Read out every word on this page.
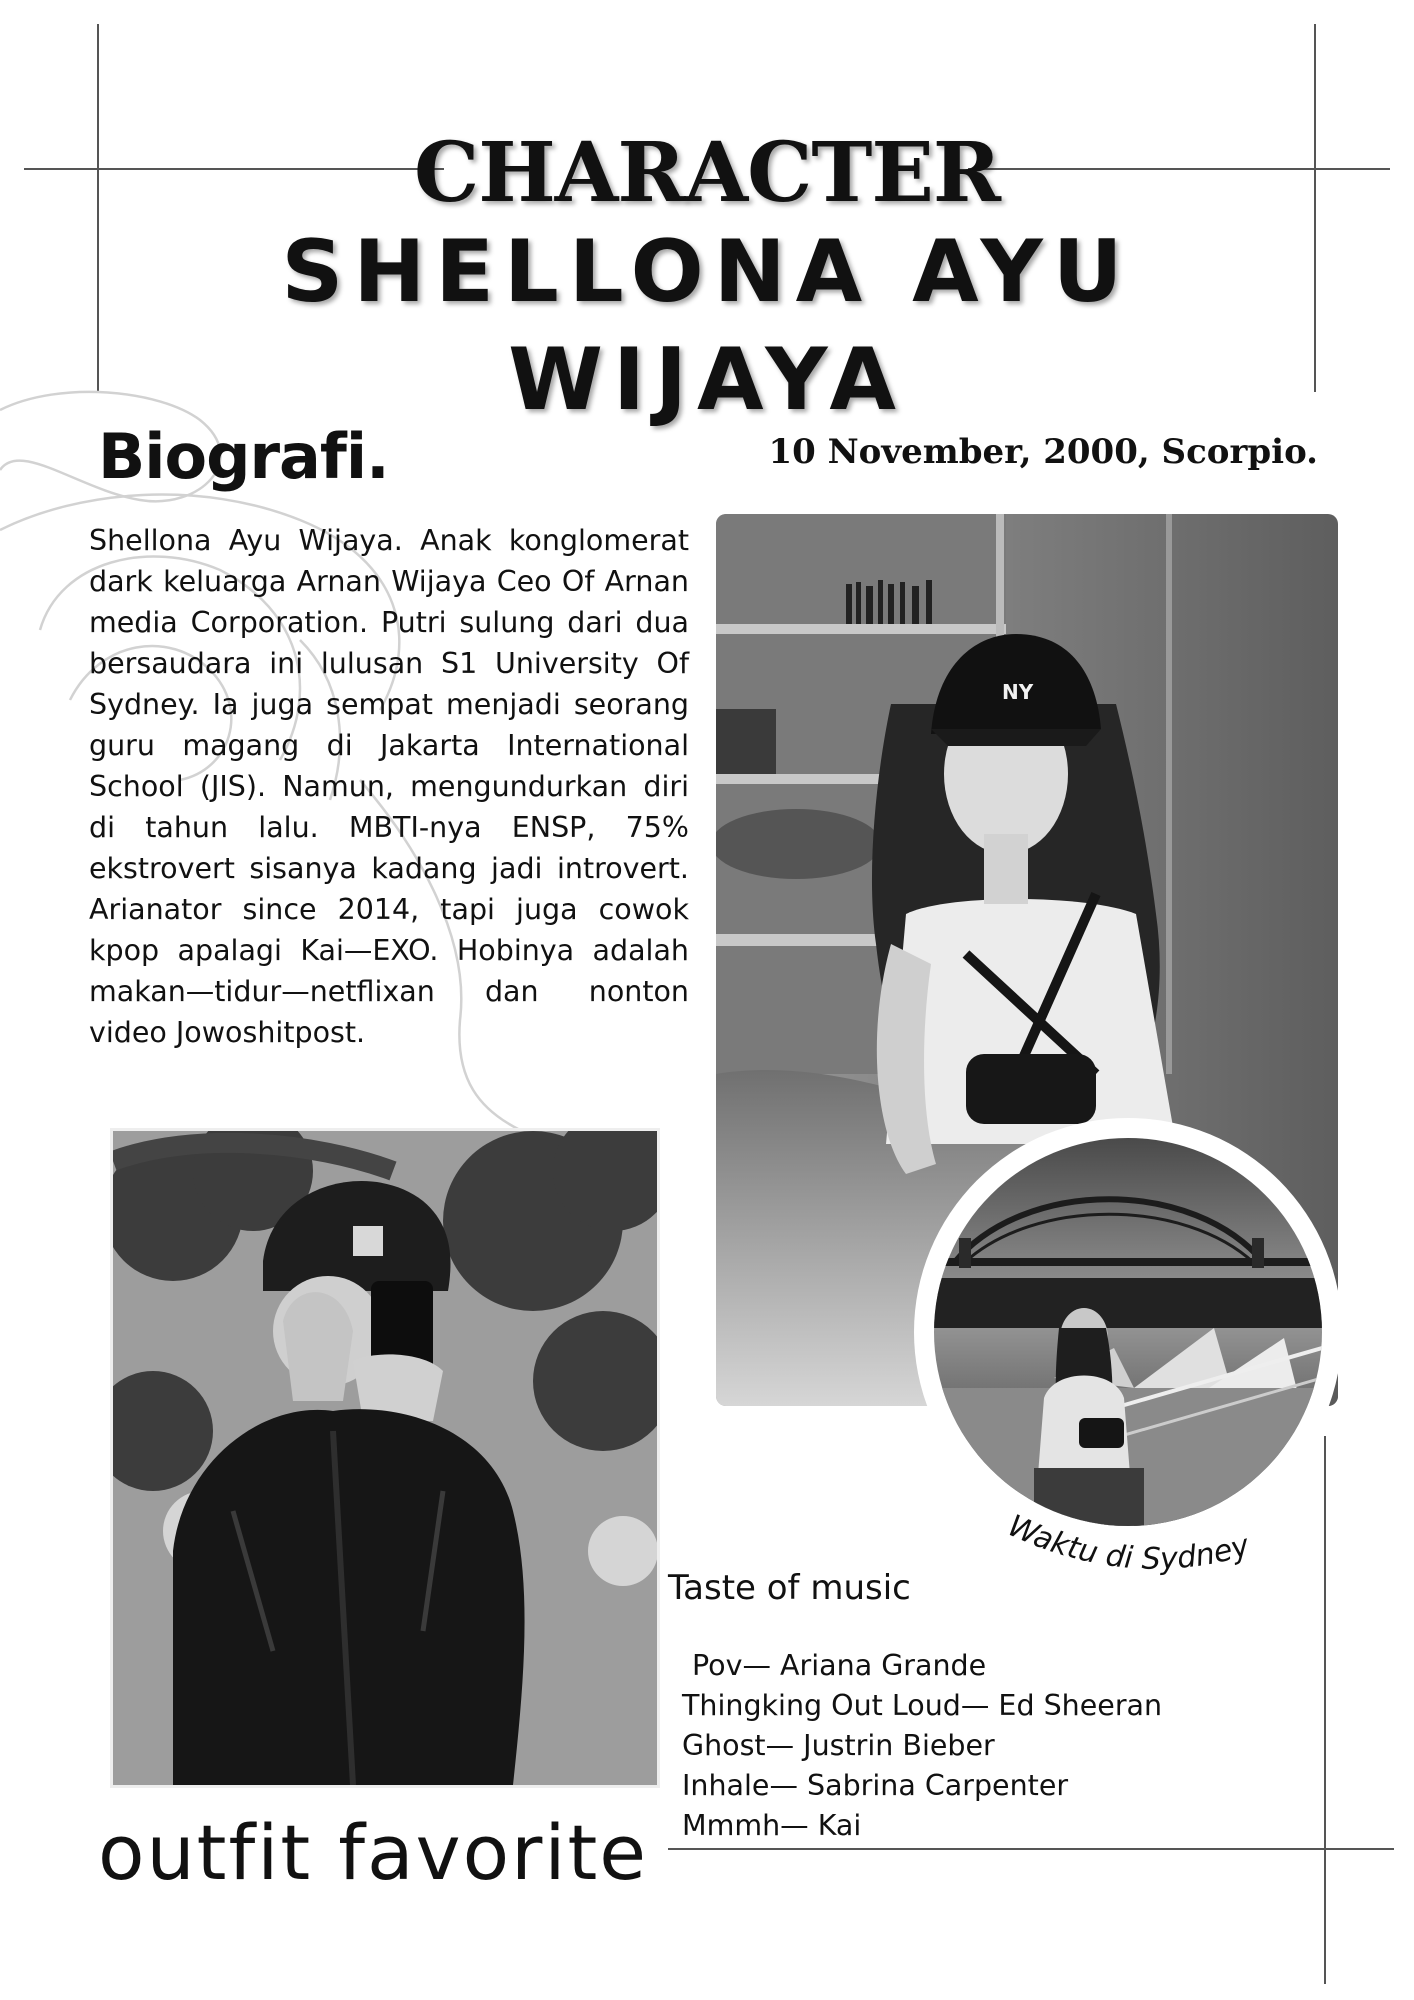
CHARACTER
SHELLONA AYU
WIJAYA
Biografi.	10 November, 2000, Scorpio.

Shellona Ayu Wijaya. Anak konglomerat dark keluarga Arnan Wijaya Ceo Of Arnan media Corporation. Putri sulung dari dua bersaudara ini lulusan S1 University Of Sydney. Ia juga sempat menjadi seorang guru magang di Jakarta International School (JIS). Namun, mengundurkan diri di tahun lalu. MBTI-nya ENSP, 75% ekstrovert sisanya kadang jadi introvert. Arianator since 2014, tapi juga cowok kpop apalagi Kai—EXO. Hobinya adalah makan—tidur—netflixan dan nonton video Jowoshitpost.

NY
Waktu di Sydney
Taste of music
Pov— Ariana Grande
Thingking Out Loud— Ed Sheeran
Ghost— Justrin Bieber
Inhale— Sabrina Carpenter
Mmmh— Kai
outfit favorite
